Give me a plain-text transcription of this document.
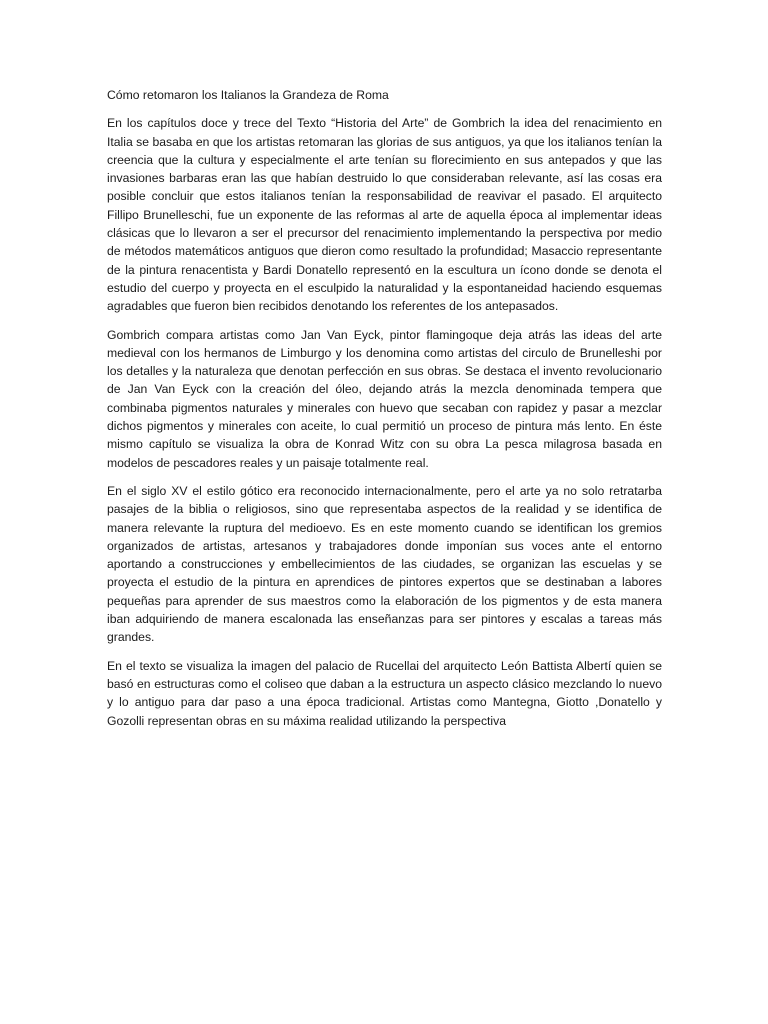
Cómo retomaron los Italianos la Grandeza de Roma

En los capítulos doce y trece del Texto “Historia del Arte” de Gombrich la idea del renacimiento en Italia se basaba en que los artistas retomaran las glorias de sus antiguos, ya que los italianos tenían la creencia que la cultura y especialmente el arte tenían su florecimiento en sus antepados y que las invasiones barbaras eran las que habían destruido lo que consideraban relevante, así las cosas era posible concluir que estos italianos tenían la responsabilidad de reavivar el pasado. El arquitecto Fillipo Brunelleschi, fue un exponente de las reformas al arte de aquella época al implementar ideas clásicas que lo llevaron a ser el precursor del renacimiento implementando la perspectiva por medio de métodos matemáticos antiguos que dieron como resultado la profundidad; Masaccio representante de la pintura renacentista y Bardi Donatello representó en la escultura un ícono donde se denota el estudio del cuerpo y proyecta en el esculpido la naturalidad y la espontaneidad haciendo esquemas agradables que fueron bien recibidos denotando los referentes de los antepasados.

Gombrich compara artistas como Jan Van Eyck, pintor flamingoque deja atrás las ideas del arte medieval con los hermanos de Limburgo y los denomina como artistas del circulo de Brunelleshi por los detalles y la naturaleza que denotan perfección en sus obras. Se destaca el invento revolucionario de Jan Van Eyck con la creación del óleo, dejando atrás la mezcla denominada tempera que combinaba pigmentos naturales y minerales con huevo que secaban con rapidez y pasar a mezclar dichos pigmentos y minerales con aceite, lo cual permitió un proceso de pintura más lento. En éste mismo capítulo se visualiza la obra de Konrad Witz con su obra La pesca milagrosa basada en modelos de pescadores reales y un paisaje totalmente real.

En el siglo XV el estilo gótico era reconocido internacionalmente, pero el arte ya no solo retratarba pasajes de la biblia o religiosos, sino que representaba aspectos de la realidad y se identifica de manera relevante la ruptura del medioevo. Es en este momento cuando se identifican los gremios organizados de artistas, artesanos y trabajadores donde imponían sus voces ante el entorno aportando a construcciones y embellecimientos de las ciudades, se organizan las escuelas y se proyecta el estudio de la pintura en aprendices de pintores expertos que se destinaban a labores pequeñas para aprender de sus maestros como la elaboración de los pigmentos y de esta manera iban adquiriendo de manera escalonada las enseñanzas para ser pintores y escalas a tareas más grandes.

En el texto se visualiza la imagen del palacio de Rucellai del arquitecto León Battista Albertí quien se basó en estructuras como el coliseo que daban a la estructura un aspecto clásico mezclando lo nuevo y lo antiguo para dar paso a una época tradicional. Artistas como Mantegna, Giotto ,Donatello y Gozolli representan obras en su máxima realidad utilizando la perspectiva
